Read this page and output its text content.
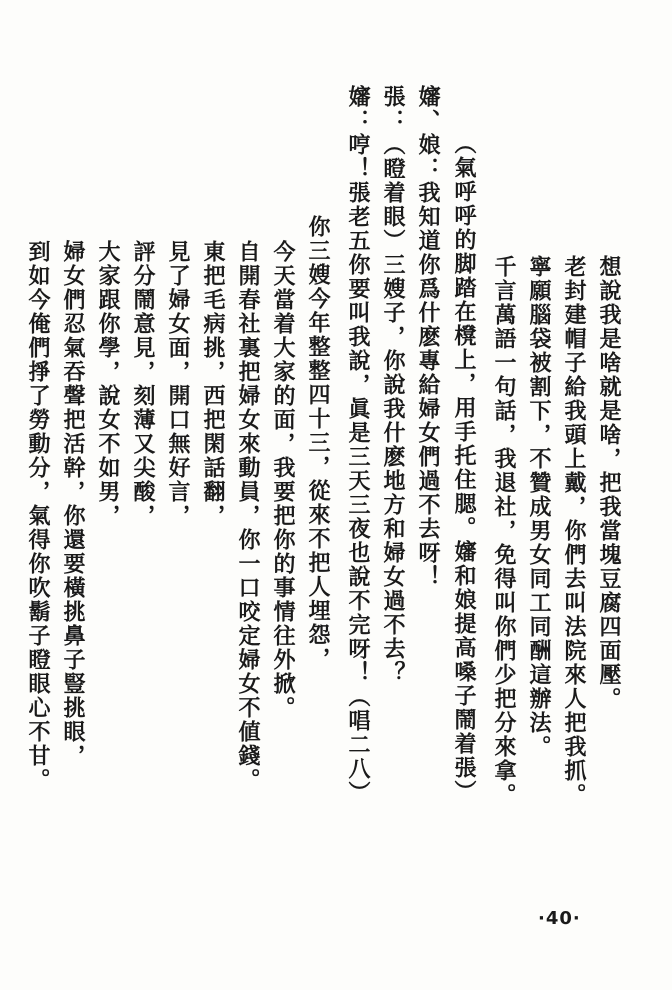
想說我是啥就是啥，把我當塊豆腐四面壓。
老封建帽子給我頭上戴，你們去叫法院來人把我抓。
寧願腦袋被割下，不贊成男女同工同酬這辦法。
千言萬語一句話，我退社，免得叫你們少把分來拿。
（氣呼呼的脚踏在櫈上，用手托住腮。嬸和娘提高嗓子鬧着張）
嬸、娘：我知道你爲什麽專給婦女們過不去呀！
張：（瞪着眼）三嫂子，你說我什麽地方和婦女過不去？
嬸：哼！張老五你要叫我說，眞是三天三夜也說不完呀！（唱二八）
你三嫂今年整整四十三，從來不把人埋怨，
今天當着大家的面，我要把你的事情往外掀。
自開春社裏把婦女來動員，你一口咬定婦女不値錢。
東把毛病挑，西把閑話翻，
見了婦女面，開口無好言，
評分鬧意見，刻薄又尖酸，
大家跟你學，說女不如男，
婦女們忍氣吞聲把活幹，你還要橫挑鼻子豎挑眼，
到如今俺們掙了勞動分，氣得你吹鬍子瞪眼心不甘。
·40·
